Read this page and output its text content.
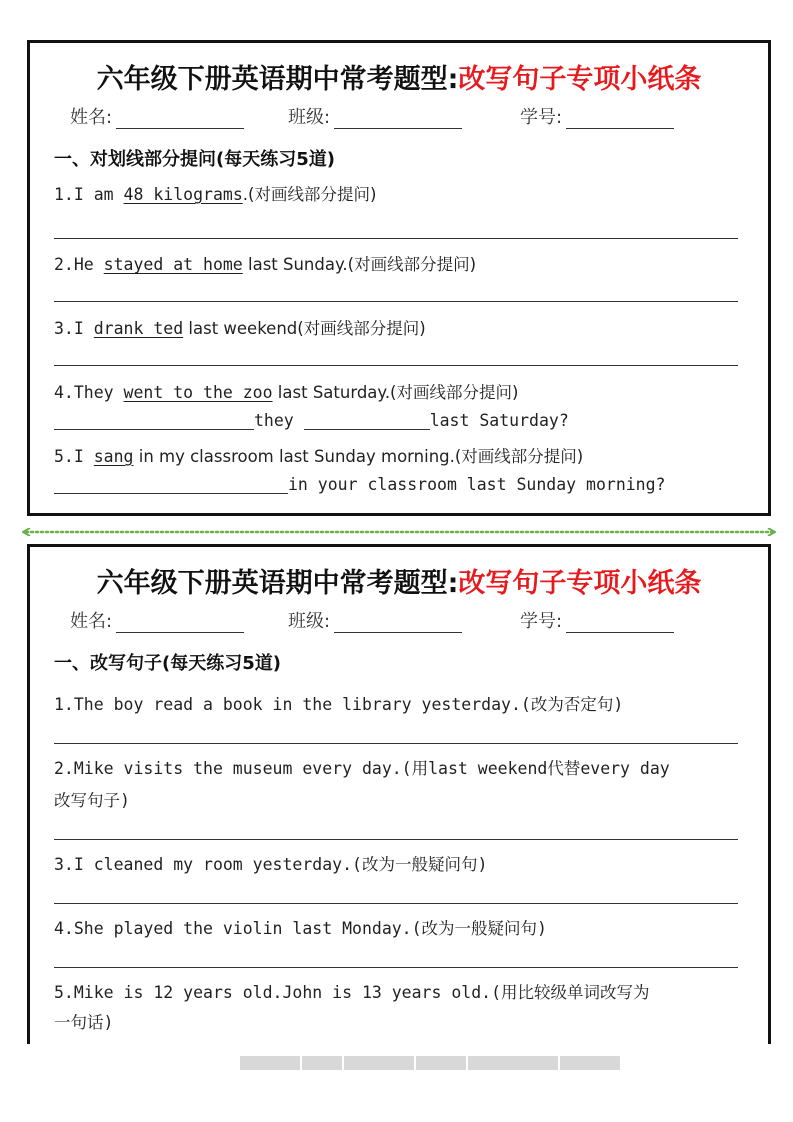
六年级下册英语期中常考题型:改写句子专项小纸条
姓名:	班级:	学号:
一、对划线部分提问(每天练习5道)
1.I am 48 kilograms.(对画线部分提问)
2.He stayed at home last Sunday.(对画线部分提问)
3.I drank ted last weekend(对画线部分提问)
4.They went to the zoo last Saturday.(对画线部分提问)
they	last Saturday?
5.I sang in my classroom last Sunday morning.(对画线部分提问)
in your classroom last Sunday morning?
六年级下册英语期中常考题型:改写句子专项小纸条
姓名:	班级:	学号:
一、改写句子(每天练习5道)
1.The boy read a book in the library yesterday.(改为否定句)
2.Mike visits the museum every day.(用last weekend代替every day
改写句子)
3.I cleaned my room yesterday.(改为一般疑问句)
4.She played the violin last Monday.(改为一般疑问句)
5.Mike is 12 years old.John is 13 years old.(用比较级单词改写为
一句话)
